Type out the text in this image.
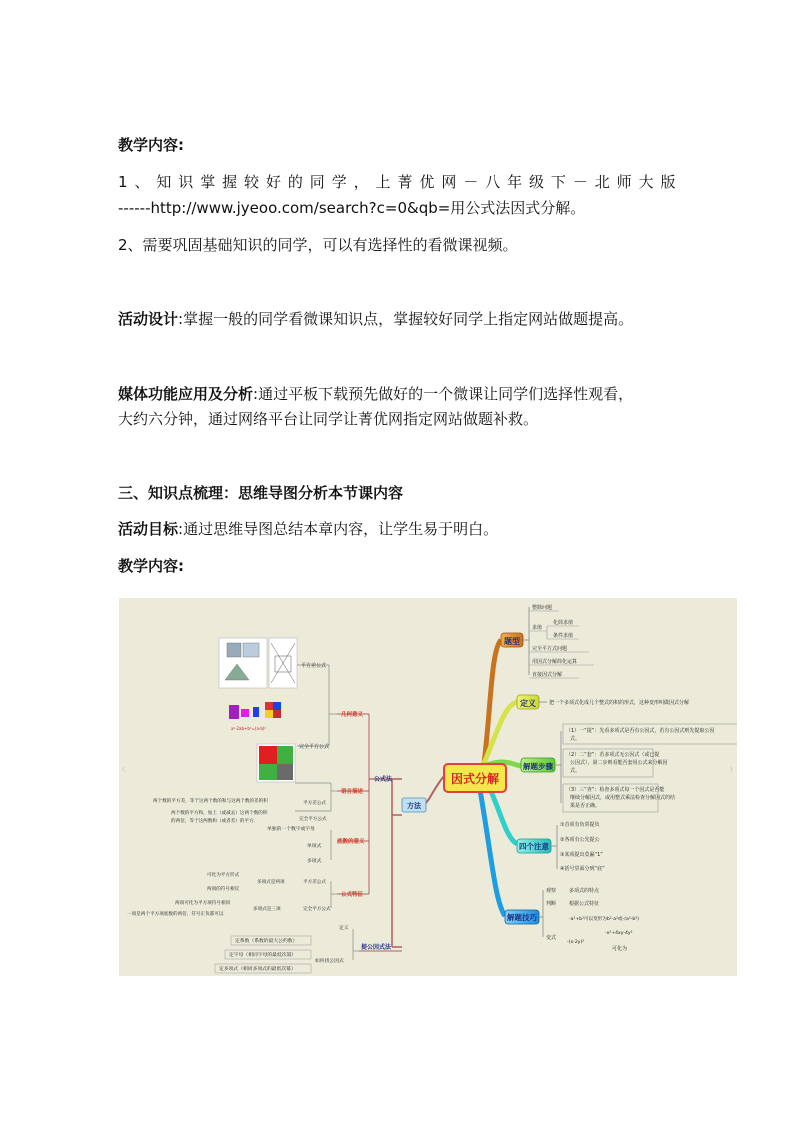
教学内容:
1、知识掌握较好的同学，上菁优网－八年级下－北师大版
------http://www.jyeoo.com/search?c=0&qb=用公式法因式分解。
2、需要巩固基础知识的同学，可以有选择性的看微课视频。
活动设计:掌握一般的同学看微课知识点，掌握较好同学上指定网站做题提高。
媒体功能应用及分析:通过平板下载预先做好的一个微课让同学们选择性观看，
大约六分钟，通过网络平台让同学让菁优网指定网站做题补救。
三、知识点梳理：思维导图分析本节课内容
活动目标:通过思维导图总结本章内容，让学生易于明白。
教学内容:
因式分解
题型
整除问题
求值
化简求值
条件求值
完全平方式问题
用因式分解简化运算
直接因式分解
定义	把一个多项式化成几个整式的积的形式，这种变形叫做因式分解
解题步骤
（1）一“提”：先看多项式是否有公因式，若有公因式则先提取公因
式。
（2）二“套”：若多项式无公因式（或已提
公因式），第二步则看能否套用公式来分解因
式。
（3）三“查”：检查多项式每一个因式是否能
继续分解因式，或用整式乘法检查分解因式的结
果是否正确。
四个注意
①首项有负常提负
②各项有公先提公
③某项提出莫漏“1”
④括号里面分到“底”
解题技巧
观察	多项式的特点
判断	根据公式特征
变式
可化为
-a²+b²可以变形为b²-a²或-(a²-b²)
-x²+4xy-4y²
-(x-2y)²
方法
公式法
提公因式法
几何意义
语言描述
底数的意义
公式特征
平方差公式
完全平方公式
a²-2ab+b²=(a-b)²
平方差公式
完全平方公式
两个数的平方差，等于这两个数的和与这两个数的差的积
两个数的平方和，加上（或减去）这两个数的积
的两倍，等于这两数和（或者差）的平方．
单独的一个数字或字母
单项式
多项式
平方差公式
完全平方公式
多项式是两项
可化为平方形式
两项的符号相反
多项式是三项
两项可化为平方项符号相同
一项是两个平方项底数的两倍，符号正负都可以
定义
如何找公因式
定系数（系数的最大公约数）
定字母（相同字母的最低次幂）
定多项式（相同多项式的最低次幂）
‹	›
